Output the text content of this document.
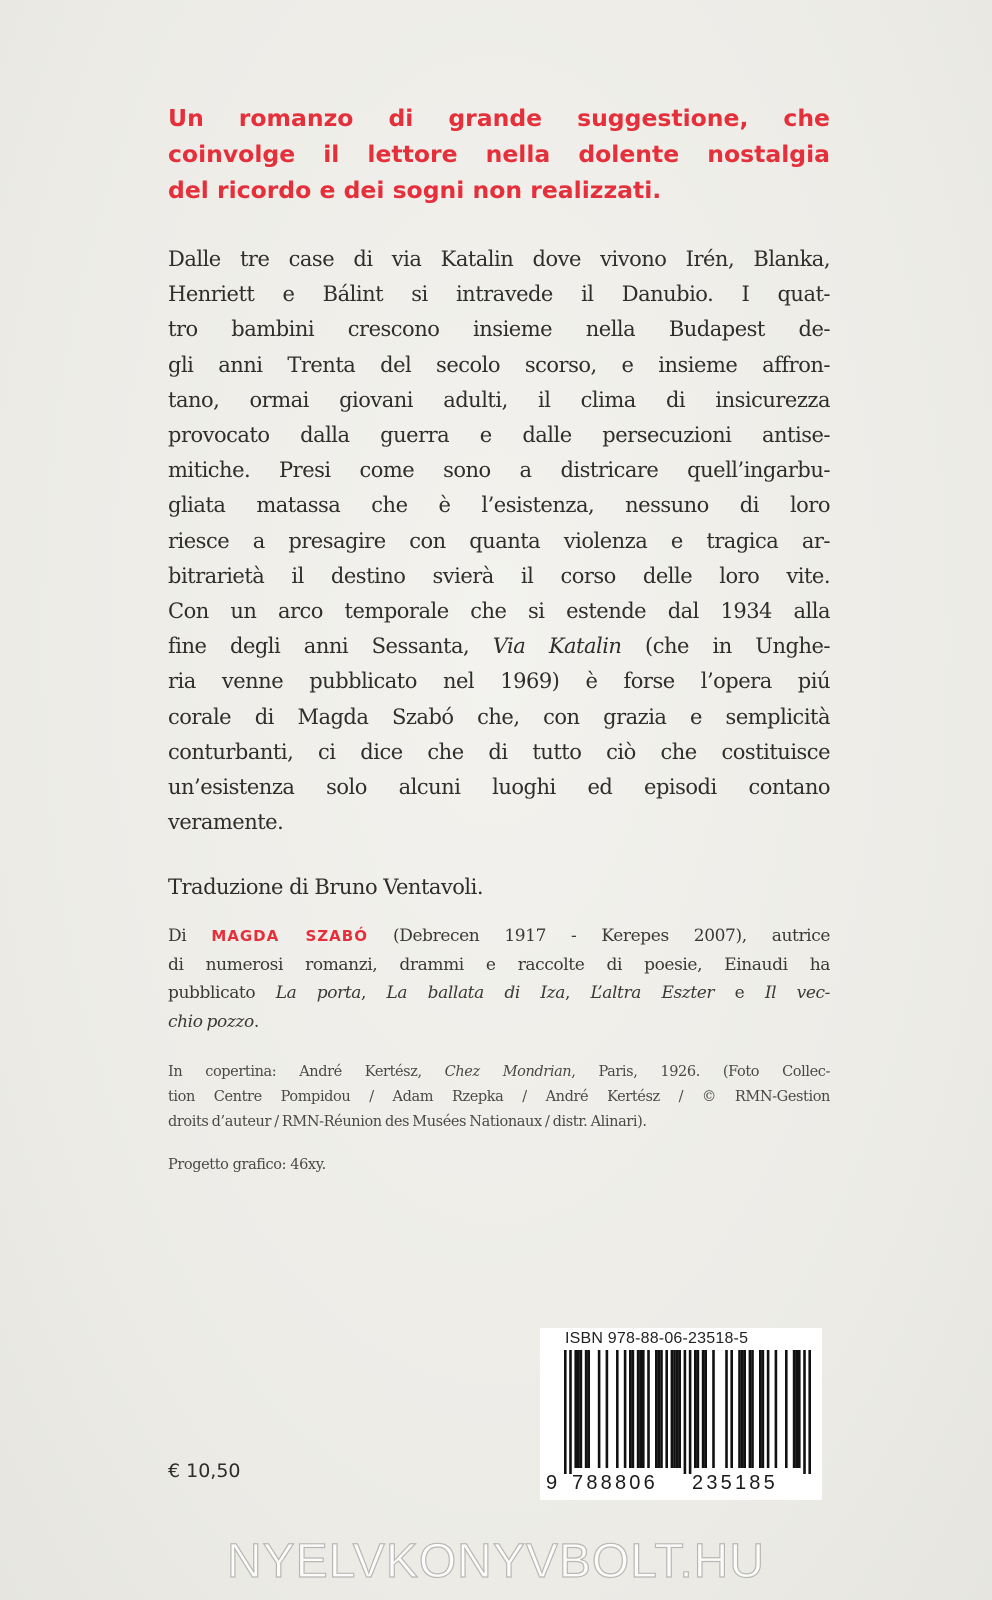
Un romanzo di grande suggestione, che
coinvolge il lettore nella dolente nostalgia
del ricordo e dei sogni non realizzati.
Dalle tre case di via Katalin dove vivono Irén, Blanka,
Henriett e Bálint si intravede il Danubio. I quat-
tro bambini crescono insieme nella Budapest de-
gli anni Trenta del secolo scorso, e insieme affron-
tano, ormai giovani adulti, il clima di insicurezza
provocato dalla guerra e dalle persecuzioni antise-
mitiche. Presi come sono a districare quell’ingarbu-
gliata matassa che è l’esistenza, nessuno di loro
riesce a presagire con quanta violenza e tragica ar-
bitrarietà il destino svierà il corso delle loro vite.
Con un arco temporale che si estende dal 1934 alla
fine degli anni Sessanta, Via Katalin (che in Unghe-
ria venne pubblicato nel 1969) è forse l’opera piú
corale di Magda Szabó che, con grazia e semplicità
conturbanti, ci dice che di tutto ciò che costituisce
un’esistenza solo alcuni luoghi ed episodi contano
veramente.
Traduzione di Bruno Ventavoli.
Di MAGDA SZABÓ (Debrecen 1917 - Kerepes 2007), autrice
di numerosi romanzi, drammi e raccolte di poesie, Einaudi ha
pubblicato La porta, La ballata di Iza, L’altra Eszter e Il vec-
chio pozzo.
In copertina: André Kertész, Chez Mondrian, Paris, 1926. (Foto Collec-
tion Centre Pompidou / Adam Rzepka / André Kertész / © RMN-Gestion
droits d’auteur / RMN-Réunion des Musées Nationaux / distr. Alinari).
Progetto grafico: 46xy.
ISBN 978-88-06-23518-5
9 788806 235185
€ 10,50
NYELVKONYVBOLT.HU
